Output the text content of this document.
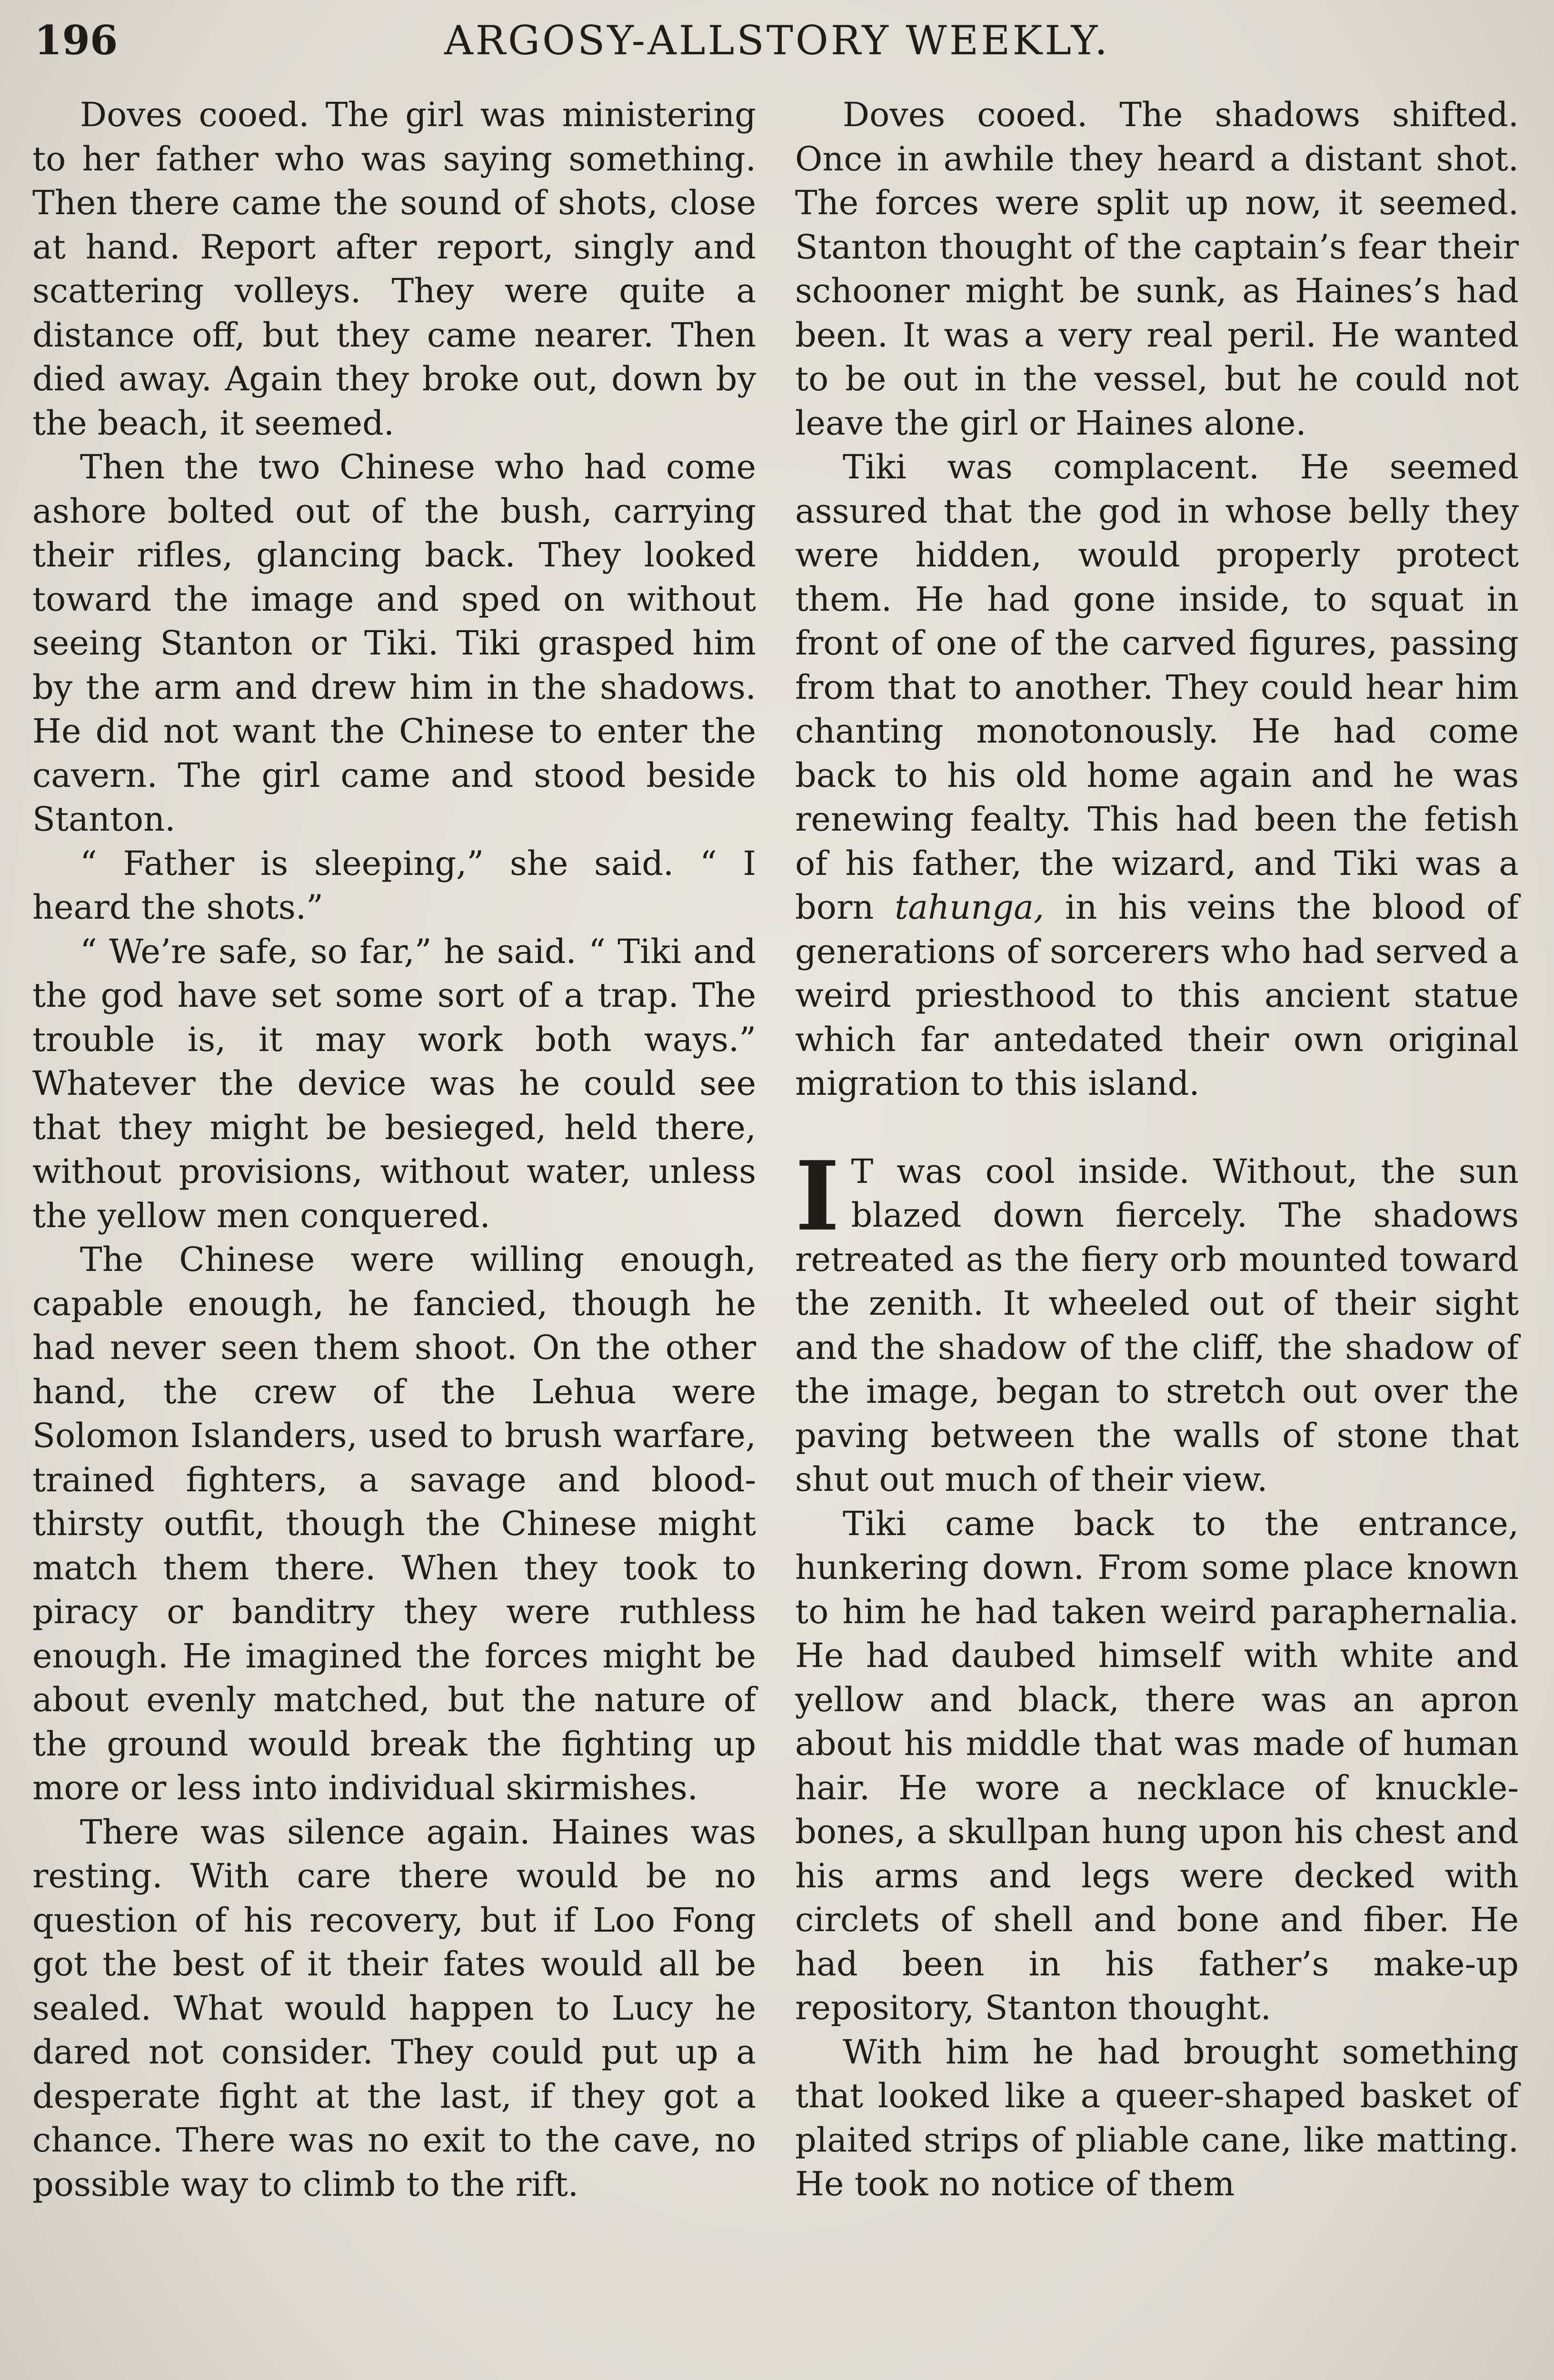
196	ARGOSY-ALLSTORY WEEKLY.

Doves cooed. The girl was ministering to her father who was saying something. Then there came the sound of shots, close at hand. Report after report, singly and scattering volleys. They were quite a distance off, but they came nearer. Then died away. Again they broke out, down by the beach, it seemed.

Then the two Chinese who had come ashore bolted out of the bush, carrying their rifles, glancing back. They looked toward the image and sped on without seeing Stanton or Tiki. Tiki grasped him by the arm and drew him in the shadows. He did not want the Chinese to enter the cavern. The girl came and stood beside Stanton.

“ Father is sleeping,” she said. “ I heard the shots.”

“ We’re safe, so far,” he said. “ Tiki and the god have set some sort of a trap. The trouble is, it may work both ways.” Whatever the device was he could see that they might be besieged, held there, without provisions, without water, unless the yellow men conquered.

The Chinese were willing enough, capable enough, he fancied, though he had never seen them shoot. On the other hand, the crew of the Lehua were Solomon Islanders, used to brush warfare, trained fighters, a savage and blood-thirsty outfit, though the Chinese might match them there. When they took to piracy or banditry they were ruthless enough. He imagined the forces might be about evenly matched, but the nature of the ground would break the fighting up more or less into individual skirmishes.

There was silence again. Haines was resting. With care there would be no question of his recovery, but if Loo Fong got the best of it their fates would all be sealed. What would happen to Lucy he dared not consider. They could put up a desperate fight at the last, if they got a chance. There was no exit to the cave, no possible way to climb to the rift.

Doves cooed. The shadows shifted. Once in awhile they heard a distant shot. The forces were split up now, it seemed. Stanton thought of the captain’s fear their schooner might be sunk, as Haines’s had been. It was a very real peril. He wanted to be out in the vessel, but he could not leave the girl or Haines alone.

Tiki was complacent. He seemed assured that the god in whose belly they were hidden, would properly protect them. He had gone inside, to squat in front of one of the carved figures, passing from that to another. They could hear him chanting monotonously. He had come back to his old home again and he was renewing fealty. This had been the fetish of his father, the wizard, and Tiki was a born tahunga, in his veins the blood of generations of sorcerers who had served a weird priesthood to this ancient statue which far antedated their own original migration to this island.

I T was cool inside. Without, the sun blazed down fiercely. The shadows retreated as the fiery orb mounted toward the zenith. It wheeled out of their sight and the shadow of the cliff, the shadow of the image, began to stretch out over the paving between the walls of stone that shut out much of their view.

Tiki came back to the entrance, hunkering down. From some place known to him he had taken weird paraphernalia. He had daubed himself with white and yellow and black, there was an apron about his middle that was made of human hair. He wore a necklace of knuckle-bones, a skullpan hung upon his chest and his arms and legs were decked with circlets of shell and bone and fiber. He had been in his father’s make-up repository, Stanton thought.

With him he had brought something that looked like a queer-shaped basket of plaited strips of pliable cane, like matting. He took no notice of them
